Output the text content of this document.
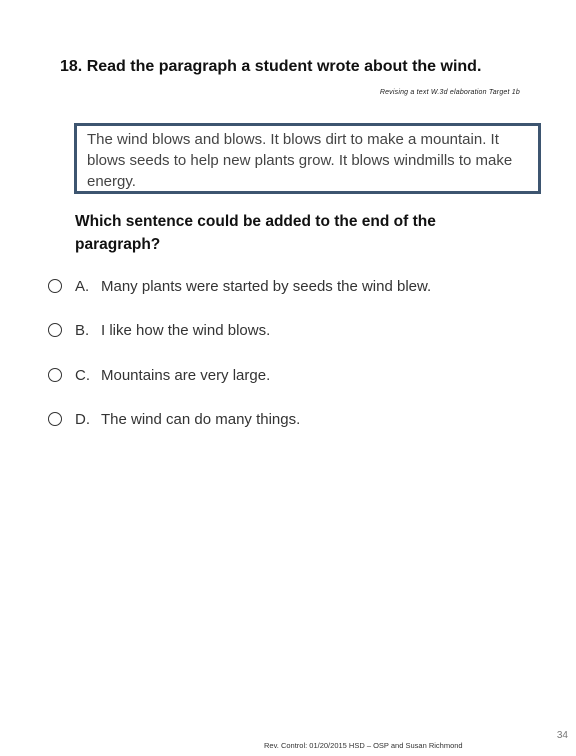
18. Read the paragraph a student wrote about the wind.
Revising a text W.3d elaboration Target 1b

The wind blows and blows. It blows dirt to make a mountain. It blows seeds to help new plants grow. It blows windmills to make energy.

Which sentence could be added to the end of the paragraph?
A. Many plants were started by seeds the wind blew.
B. I like how the wind blows.
C. Mountains are very large.
D. The wind can do many things.
Rev. Control: 01/20/2015 HSD – OSP and Susan Richmond
34
